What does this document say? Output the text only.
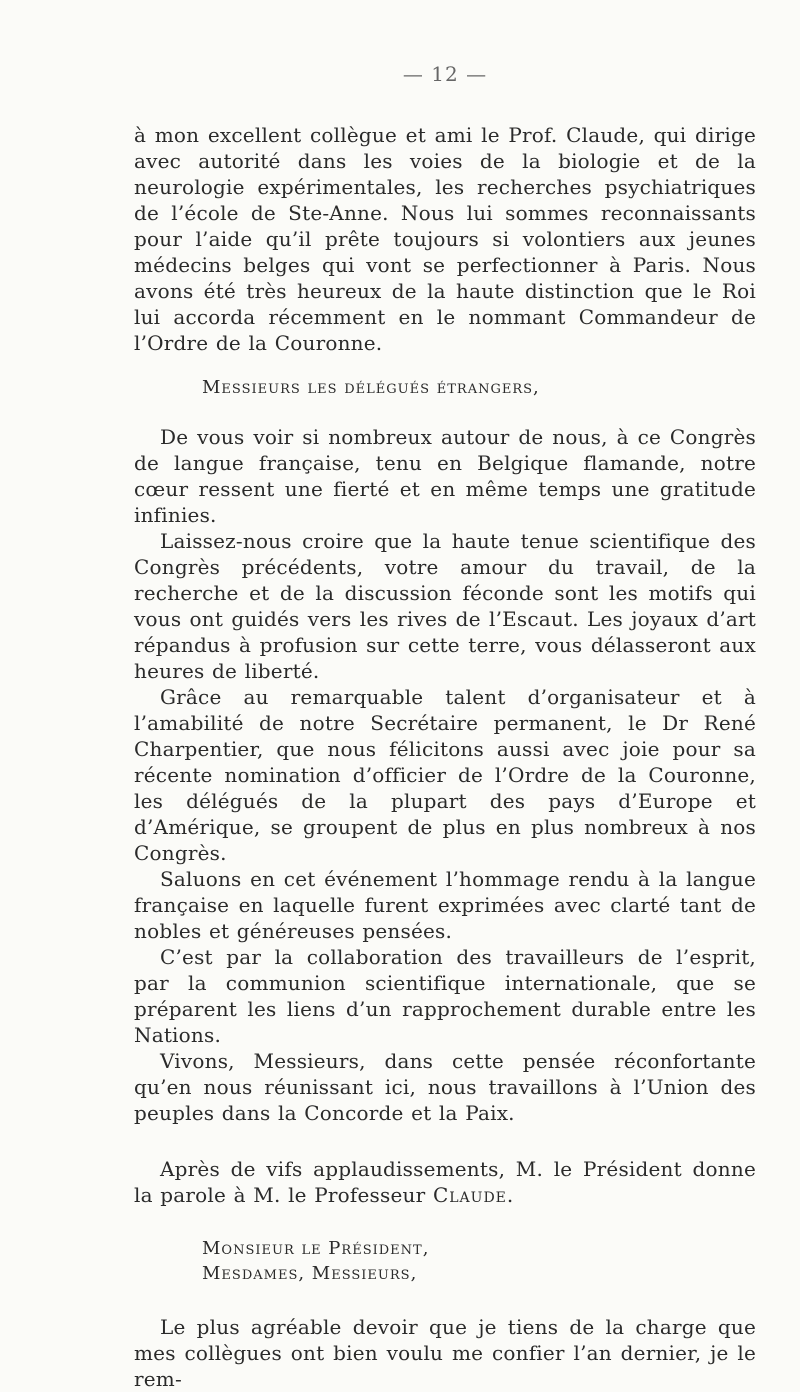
— 12 —

à mon excellent collègue et ami le Prof. Claude, qui dirige avec autorité dans les voies de la biologie et de la neurologie expérimentales, les recherches psychiatriques de l’école de Ste-Anne. Nous lui sommes reconnaissants pour l’aide qu’il prête toujours si volontiers aux jeunes médecins belges qui vont se perfectionner à Paris. Nous avons été très heureux de la haute distinction que le Roi lui accorda récemment en le nommant Commandeur de l’Ordre de la Couronne.

Messieurs les délégués étrangers,

De vous voir si nombreux autour de nous, à ce Congrès de langue française, tenu en Belgique flamande, notre cœur ressent une fierté et en même temps une gratitude infinies.

Laissez-nous croire que la haute tenue scientifique des Congrès précédents, votre amour du travail, de la recherche et de la discussion féconde sont les motifs qui vous ont guidés vers les rives de l’Escaut. Les joyaux d’art répandus à profusion sur cette terre, vous délasseront aux heures de liberté.

Grâce au remarquable talent d’organisateur et à l’amabilité de notre Secrétaire permanent, le Dr René Charpentier, que nous félicitons aussi avec joie pour sa récente nomination d’officier de l’Ordre de la Couronne, les délégués de la plupart des pays d’Europe et d’Amérique, se groupent de plus en plus nombreux à nos Congrès.

Saluons en cet événement l’hommage rendu à la langue française en laquelle furent exprimées avec clarté tant de nobles et généreuses pensées.

C’est par la collaboration des travailleurs de l’esprit, par la communion scientifique internationale, que se préparent les liens d’un rapprochement durable entre les Nations.

Vivons, Messieurs, dans cette pensée réconfortante qu’en nous réunissant ici, nous travaillons à l’Union des peuples dans la Concorde et la Paix.

Après de vifs applaudissements, M. le Président donne la parole à M. le Professeur Claude.

Monsieur le Président,
Mesdames, Messieurs,

Le plus agréable devoir que je tiens de la charge que mes collègues ont bien voulu me confier l’an dernier, je le rem-
